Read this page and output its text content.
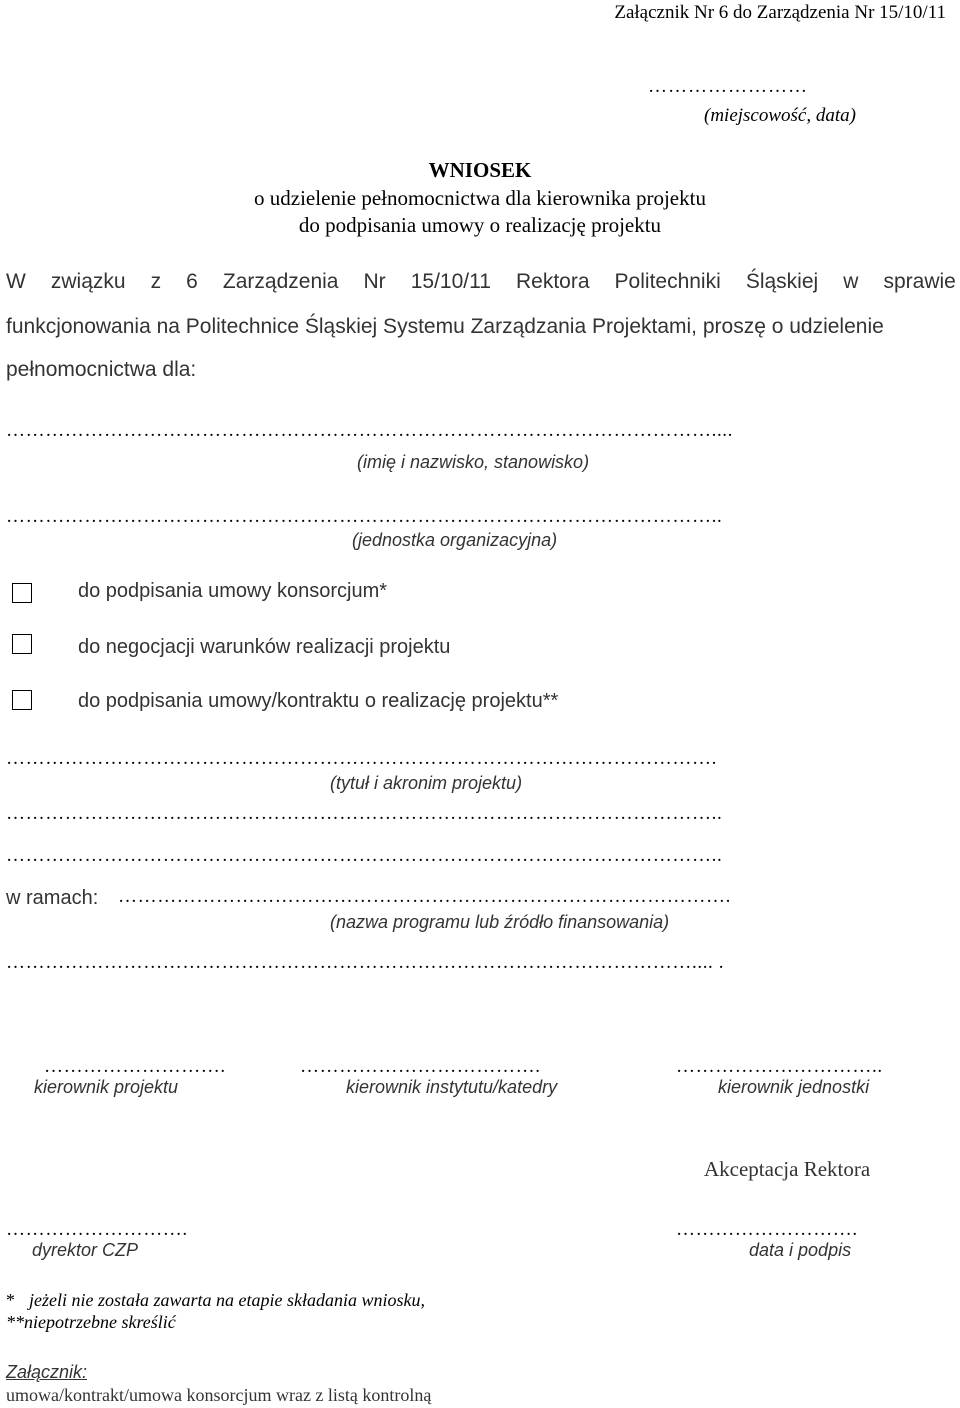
Załącznik Nr 6 do Zarządzenia Nr 15/10/11
……………………
(miejscowość, data)
WNIOSEK
o udzielenie pełnomocnictwa dla kierownika projektu
do podpisania umowy o realizację projektu
W związku z 6 Zarządzenia Nr 15/10/11 Rektora Politechniki Śląskiej w sprawie
funkcjonowania na Politechnice Śląskiej Systemu Zarządzania Projektami, proszę o udzielenie
pełnomocnictwa dla:
………………………………………………………………………………………………....
(imię i nazwisko, stanowisko)
………………………………………………………………………………………………..
(jednostka organizacyjna)
do podpisania umowy konsorcjum*
do negocjacji warunków realizacji projektu
do podpisania umowy/kontraktu o realizację projektu**
……………………………………………………………………………………………….
(tytuł i akronim projektu)
………………………………………………………………………………………………..
………………………………………………………………………………………………..
w ramach: ………………………………………………………………………………….
(nazwa programu lub źródło finansowania)
…………………………………………………………………………………………….... .
……………………….
kierownik projektu
……………………………….
kierownik instytutu/katedry
…………………………..
kierownik jednostki
Akceptacja Rektora
……………………….
dyrektor CZP
……………………….
data i podpis
* jeżeli nie została zawarta na etapie składania wniosku,
**niepotrzebne skreślić
Załącznik:
umowa/kontrakt/umowa konsorcjum wraz z listą kontrolną
